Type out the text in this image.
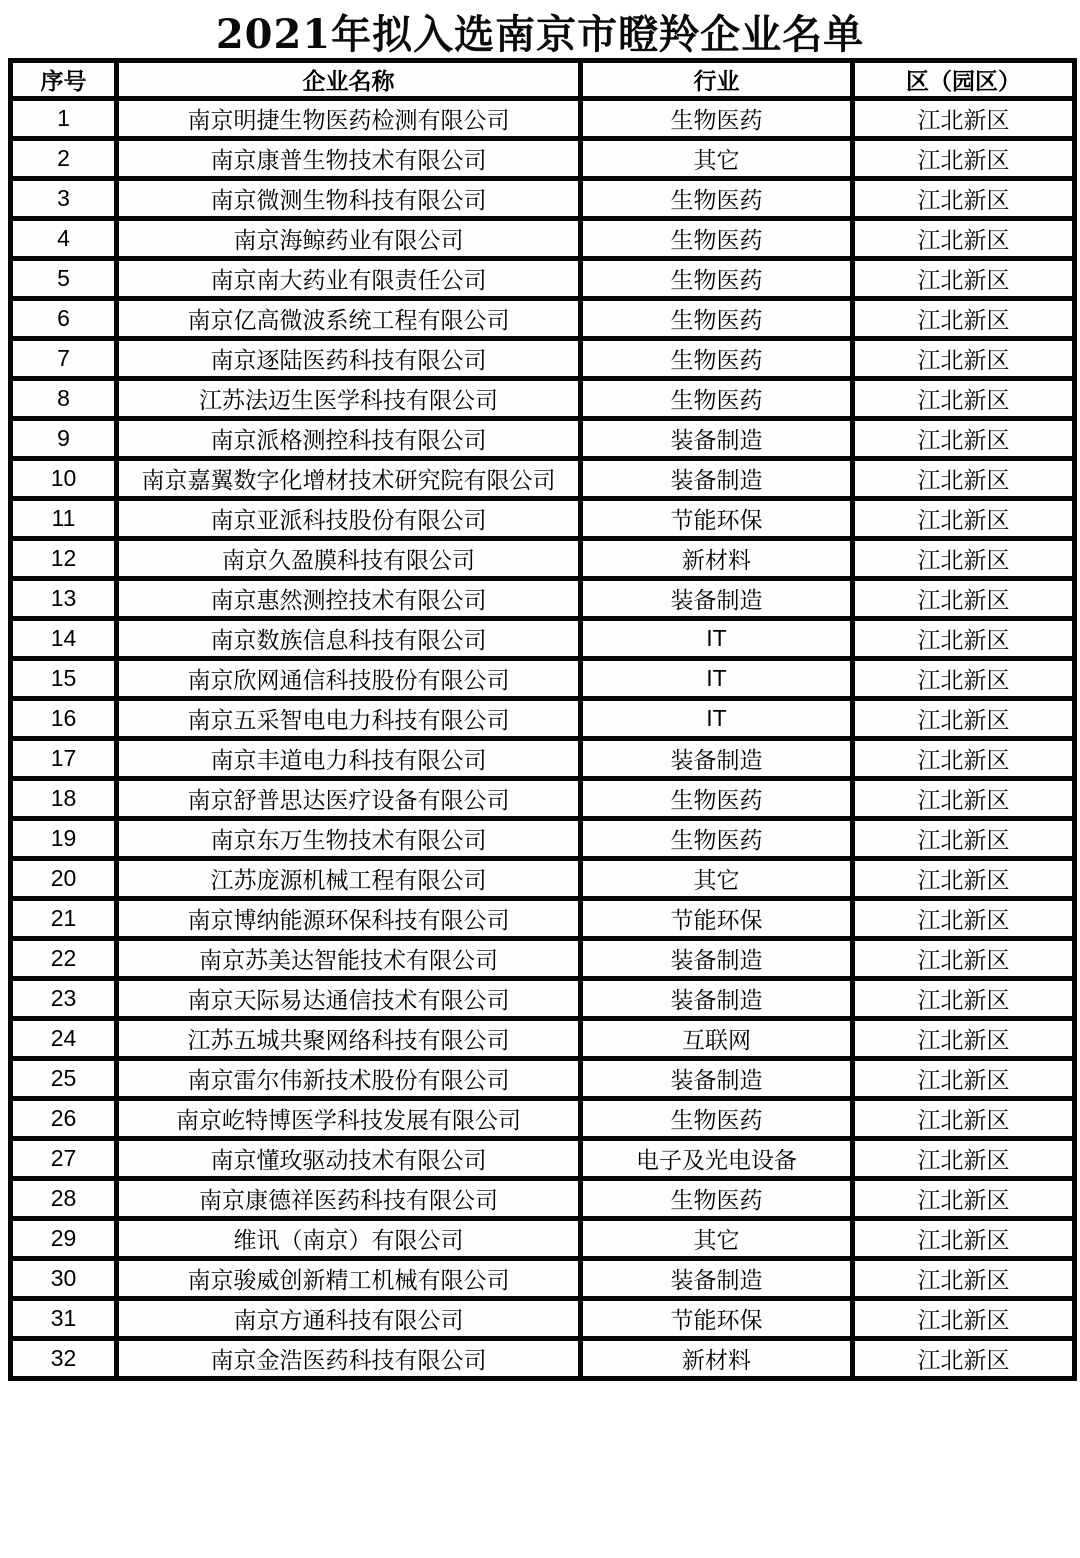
2021年拟入选南京市瞪羚企业名单
序号	企业名称	行业	区（园区）
1	南京明捷生物医药检测有限公司	生物医药	江北新区
2	南京康普生物技术有限公司	其它	江北新区
3	南京微测生物科技有限公司	生物医药	江北新区
4	南京海鲸药业有限公司	生物医药	江北新区
5	南京南大药业有限责任公司	生物医药	江北新区
6	南京亿高微波系统工程有限公司	生物医药	江北新区
7	南京逐陆医药科技有限公司	生物医药	江北新区
8	江苏法迈生医学科技有限公司	生物医药	江北新区
9	南京派格测控科技有限公司	装备制造	江北新区
10	南京嘉翼数字化增材技术研究院有限公司	装备制造	江北新区
11	南京亚派科技股份有限公司	节能环保	江北新区
12	南京久盈膜科技有限公司	新材料	江北新区
13	南京惠然测控技术有限公司	装备制造	江北新区
14	南京数族信息科技有限公司	IT	江北新区
15	南京欣网通信科技股份有限公司	IT	江北新区
16	南京五采智电电力科技有限公司	IT	江北新区
17	南京丰道电力科技有限公司	装备制造	江北新区
18	南京舒普思达医疗设备有限公司	生物医药	江北新区
19	南京东万生物技术有限公司	生物医药	江北新区
20	江苏庞源机械工程有限公司	其它	江北新区
21	南京博纳能源环保科技有限公司	节能环保	江北新区
22	南京苏美达智能技术有限公司	装备制造	江北新区
23	南京天际易达通信技术有限公司	装备制造	江北新区
24	江苏五城共聚网络科技有限公司	互联网	江北新区
25	南京雷尔伟新技术股份有限公司	装备制造	江北新区
26	南京屹特博医学科技发展有限公司	生物医药	江北新区
27	南京懂玫驱动技术有限公司	电子及光电设备	江北新区
28	南京康德祥医药科技有限公司	生物医药	江北新区
29	维讯（南京）有限公司	其它	江北新区
30	南京骏威创新精工机械有限公司	装备制造	江北新区
31	南京方通科技有限公司	节能环保	江北新区
32	南京金浩医药科技有限公司	新材料	江北新区
